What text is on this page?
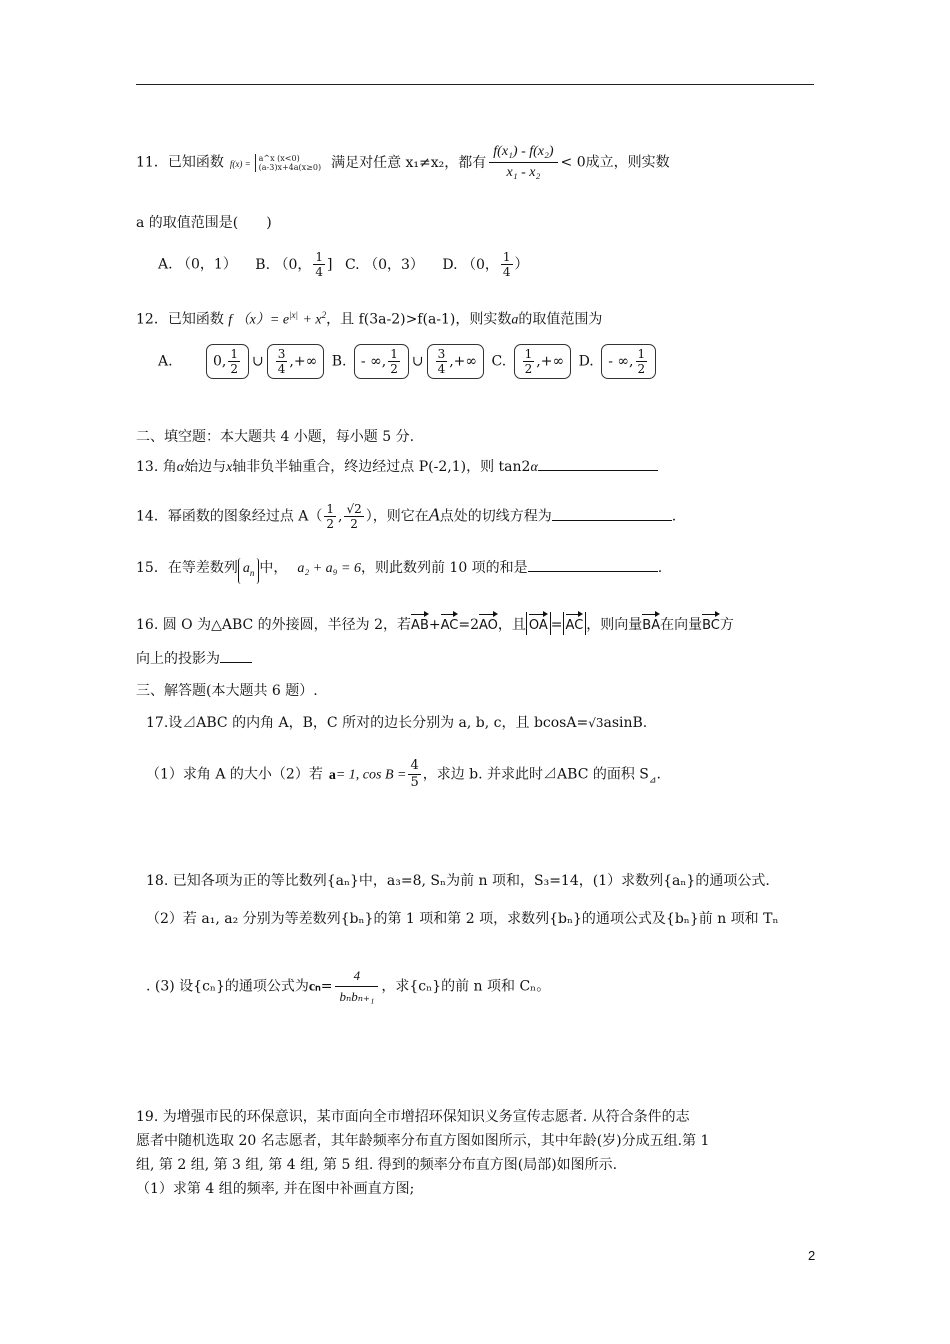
11．已知函数 f(x) =a^x (x<0)
(a-3)x+4a(x≥0) 满足对任意 x₁≠x₂，都有 $\frac{\text{f(x₁) - f(x₂)}}{\text{x₁ - x₂}} < 0$成立，则实数
a 的取值范围是(　　)
A. （0，1） B. （0， $\frac{1}{4}$ ] C. （0，3） D. （0， $\frac{1}{4}$ ）
12．已知函数 f $(x)= e^{|x|} + x^2$，且 f(3a-2)>f(a-1)，则实数a的取值范围为
A.	0, $\frac{1}{2}$ ∪ $\frac{3}{4}$ ,+∞ B. - ∞, $\frac{1}{2}$ ∪ $\frac{3}{4}$ ,+∞ C. $\frac{1}{2}$ ,+∞ D. - ∞, $\frac{1}{2}$
二、填空题：本大题共 4 小题，每小题 5 分.
13. 角α始边与x轴非负半轴重合，终边经过点 P(-2,1)，则 tan2α
14．幂函数的图象经过点 $A( \frac{1}{2}$ , $\frac{√2}{2}$ ），则它在A点处的切线方程为	.
15．在等差数列 $a_n$ 中， a₂ + a₉ = 6，则此数列前 10 项的和是	.
16. 圆 O 为△ABC 的外接圆，半径为 2，若AB+AC=2AO，且 OA = AC ，则向量BA在向量BC方
向上的投影为
三、解答题(本大题共 6 题）.
17.设⊿ABC 的内角 A，B，C 所对的边长分别为 a, b, c，且 bcosA=√3asinB.
（1）求角 A 的大小（2）若 a= 1, $\cos B = \frac{4}{5}$ ，求边 b. 并求此时⊿ABC 的面积 $S_⊿$.
18. 已知各项为正的等比数列{aₙ}中，a₃=8, Sₙ为前 n 项和，S₃=14，(1）求数列{aₙ}的通项公式.
（2）若 a₁, a₂ 分别为等差数列{bₙ}的第 1 项和第 2 项，求数列{bₙ}的通项公式及{bₙ}前 n 项和 Tₙ
. (3) 设{cₙ}的通项公式为$c_n= \frac{4}{\text{bₙbₙ₊₁}}$ ，求{cₙ}的前 n 项和 Cₙ。
19. 为增强市民的环保意识，某市面向全市增招环保知识义务宣传志愿者. 从符合条件的志
愿者中随机选取 20 名志愿者，其年龄频率分布直方图如图所示，其中年龄(岁)分成五组.第 1
组, 第 2 组, 第 3 组, 第 4 组, 第 5 组. 得到的频率分布直方图(局部)如图所示.
（1）求第 4 组的频率, 并在图中补画直方图;
2
